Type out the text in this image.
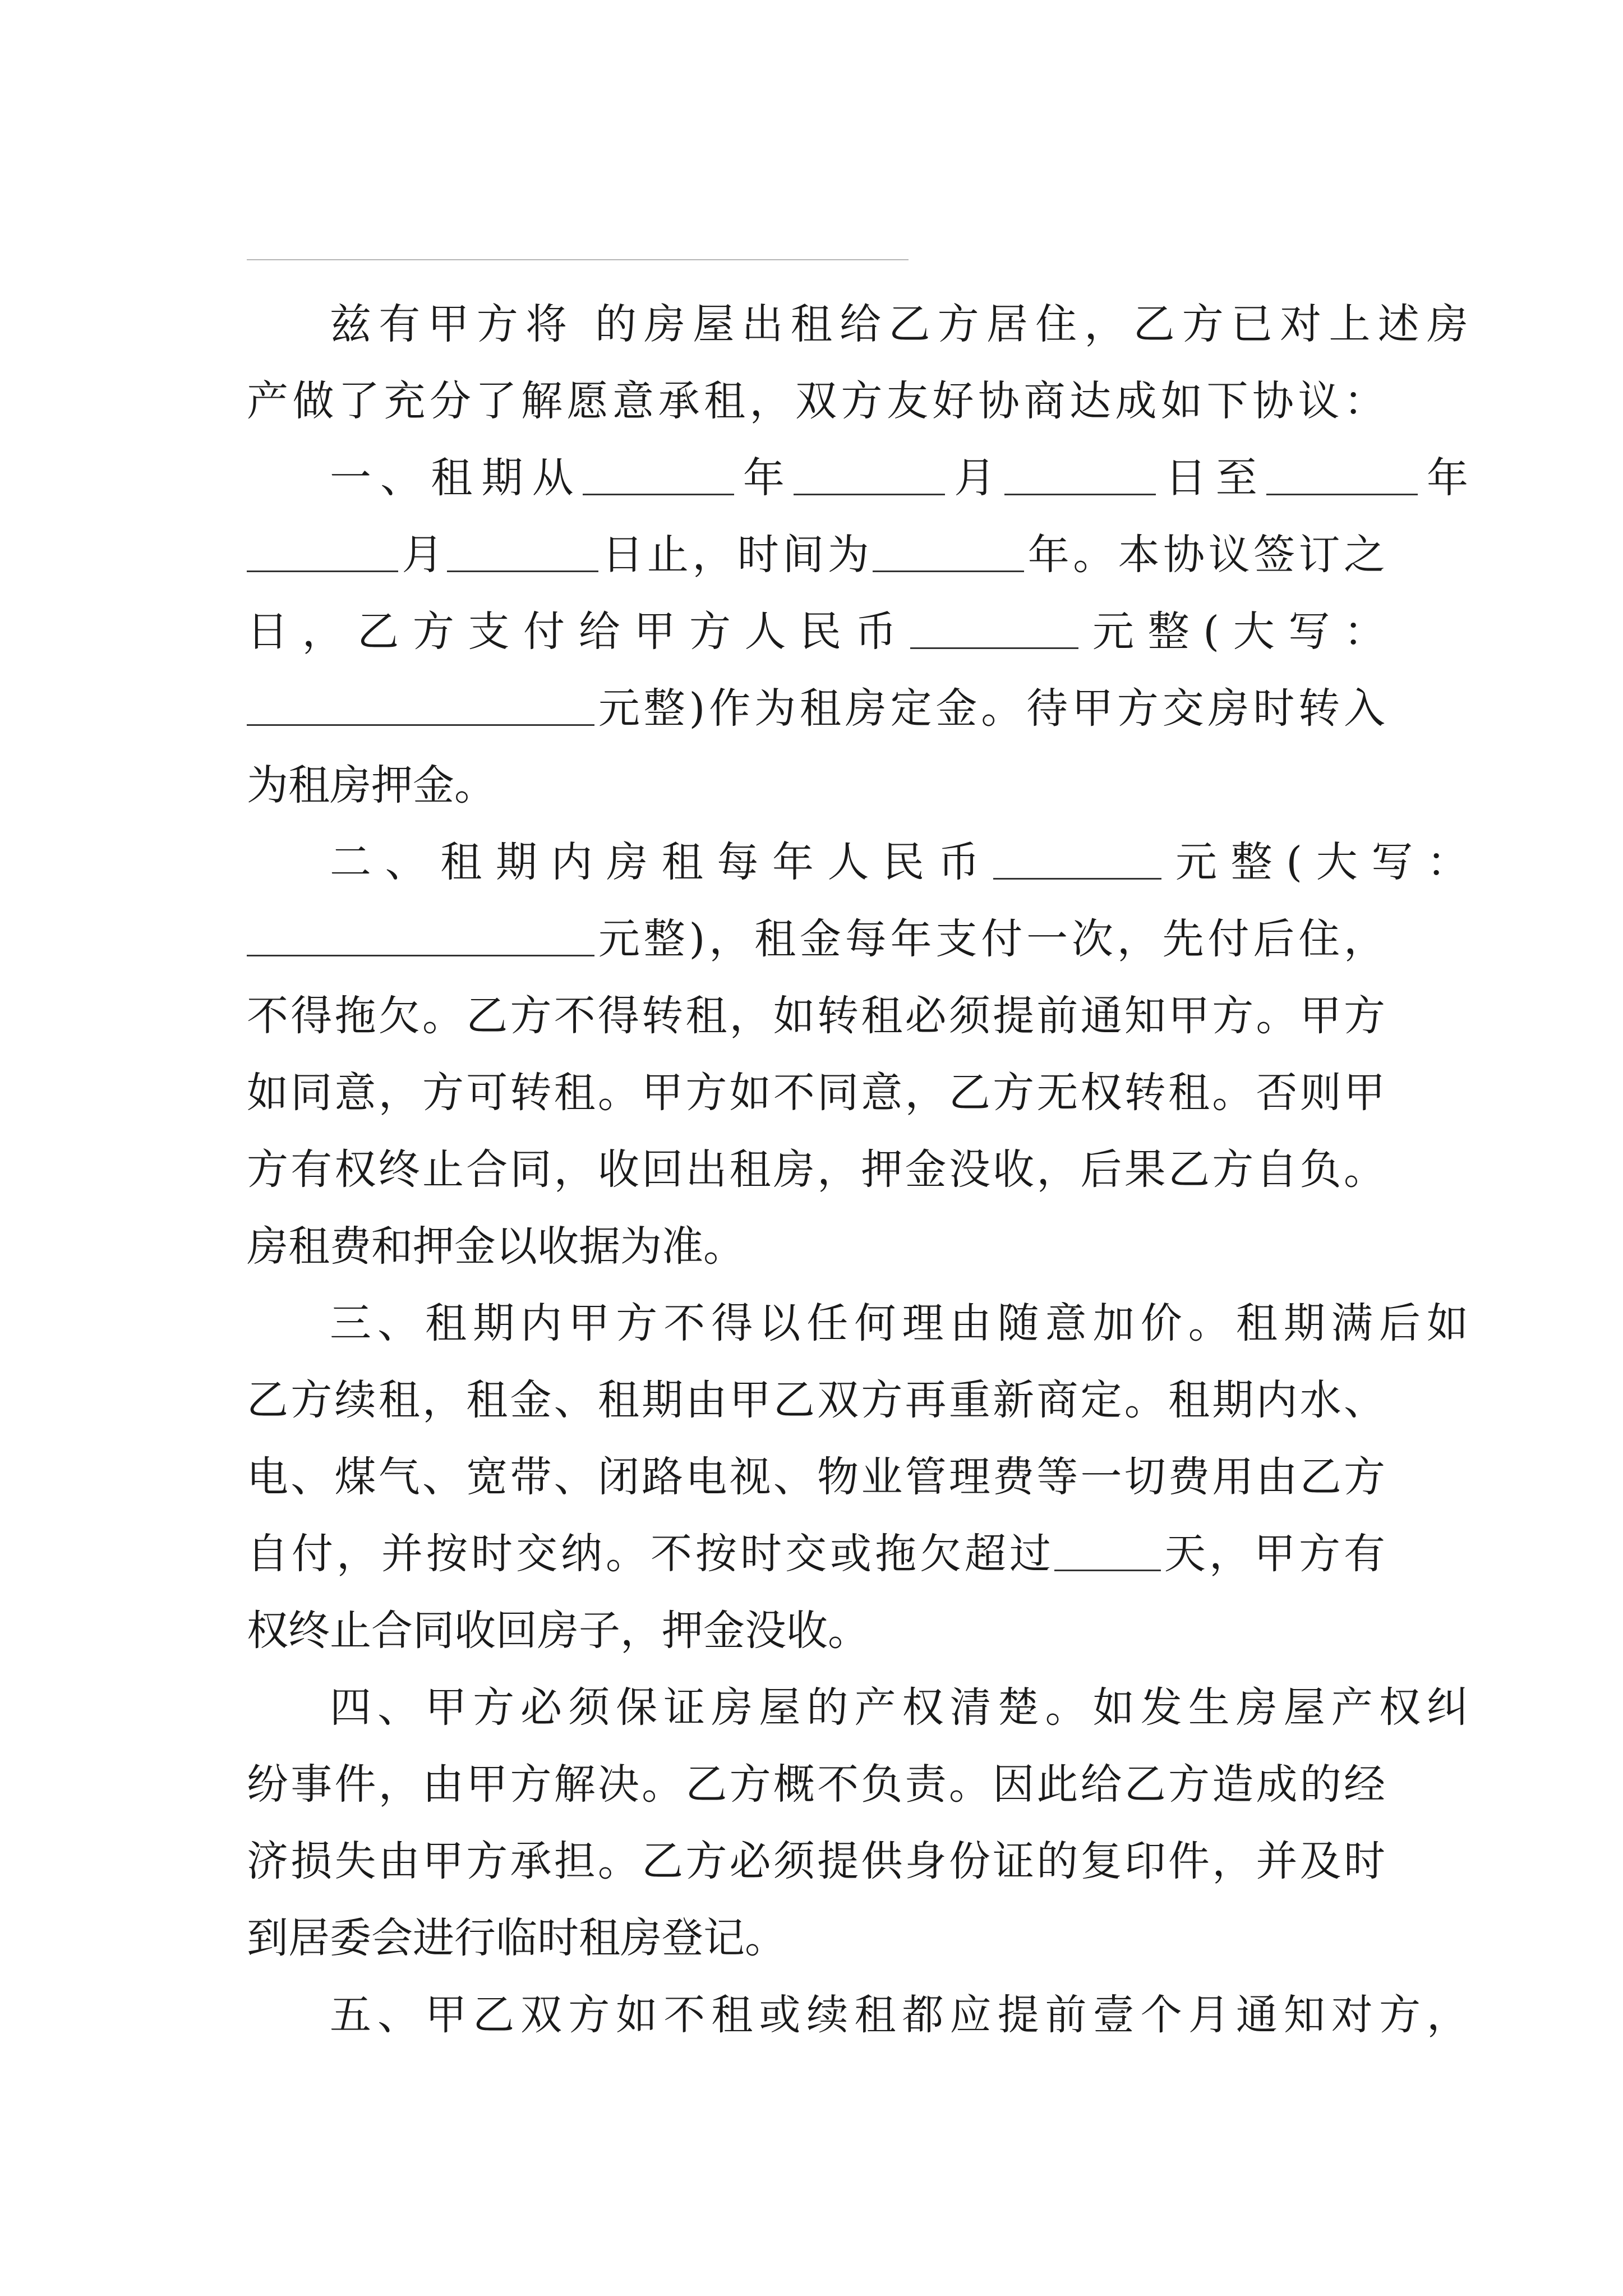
兹有甲方将 的房屋出租给乙方居住，乙方已对上述房
产做了充分了解愿意承租，双方友好协商达成如下协议：
一、租期从	年	月	日至	年
月	日止，时间为	年。本协议签订之
日，乙方支付给甲方人民币	元整(大写：
元整)作为租房定金。待甲方交房时转入
为租房押金。
二、租期内房租每年人民币	元整(大写：
元整)，租金每年支付一次，先付后住，
不得拖欠。乙方不得转租，如转租必须提前通知甲方。甲方
如同意，方可转租。甲方如不同意，乙方无权转租。否则甲
方有权终止合同，收回出租房，押金没收，后果乙方自负。
房租费和押金以收据为准。
三、租期内甲方不得以任何理由随意加价。租期满后如
乙方续租，租金、租期由甲乙双方再重新商定。租期内水、
电、煤气、宽带、闭路电视、物业管理费等一切费用由乙方
自付，并按时交纳。不按时交或拖欠超过	天，甲方有
权终止合同收回房子，押金没收。
四、甲方必须保证房屋的产权清楚。如发生房屋产权纠
纷事件，由甲方解决。乙方概不负责。因此给乙方造成的经
济损失由甲方承担。乙方必须提供身份证的复印件，并及时
到居委会进行临时租房登记。
五、甲乙双方如不租或续租都应提前壹个月通知对方，
